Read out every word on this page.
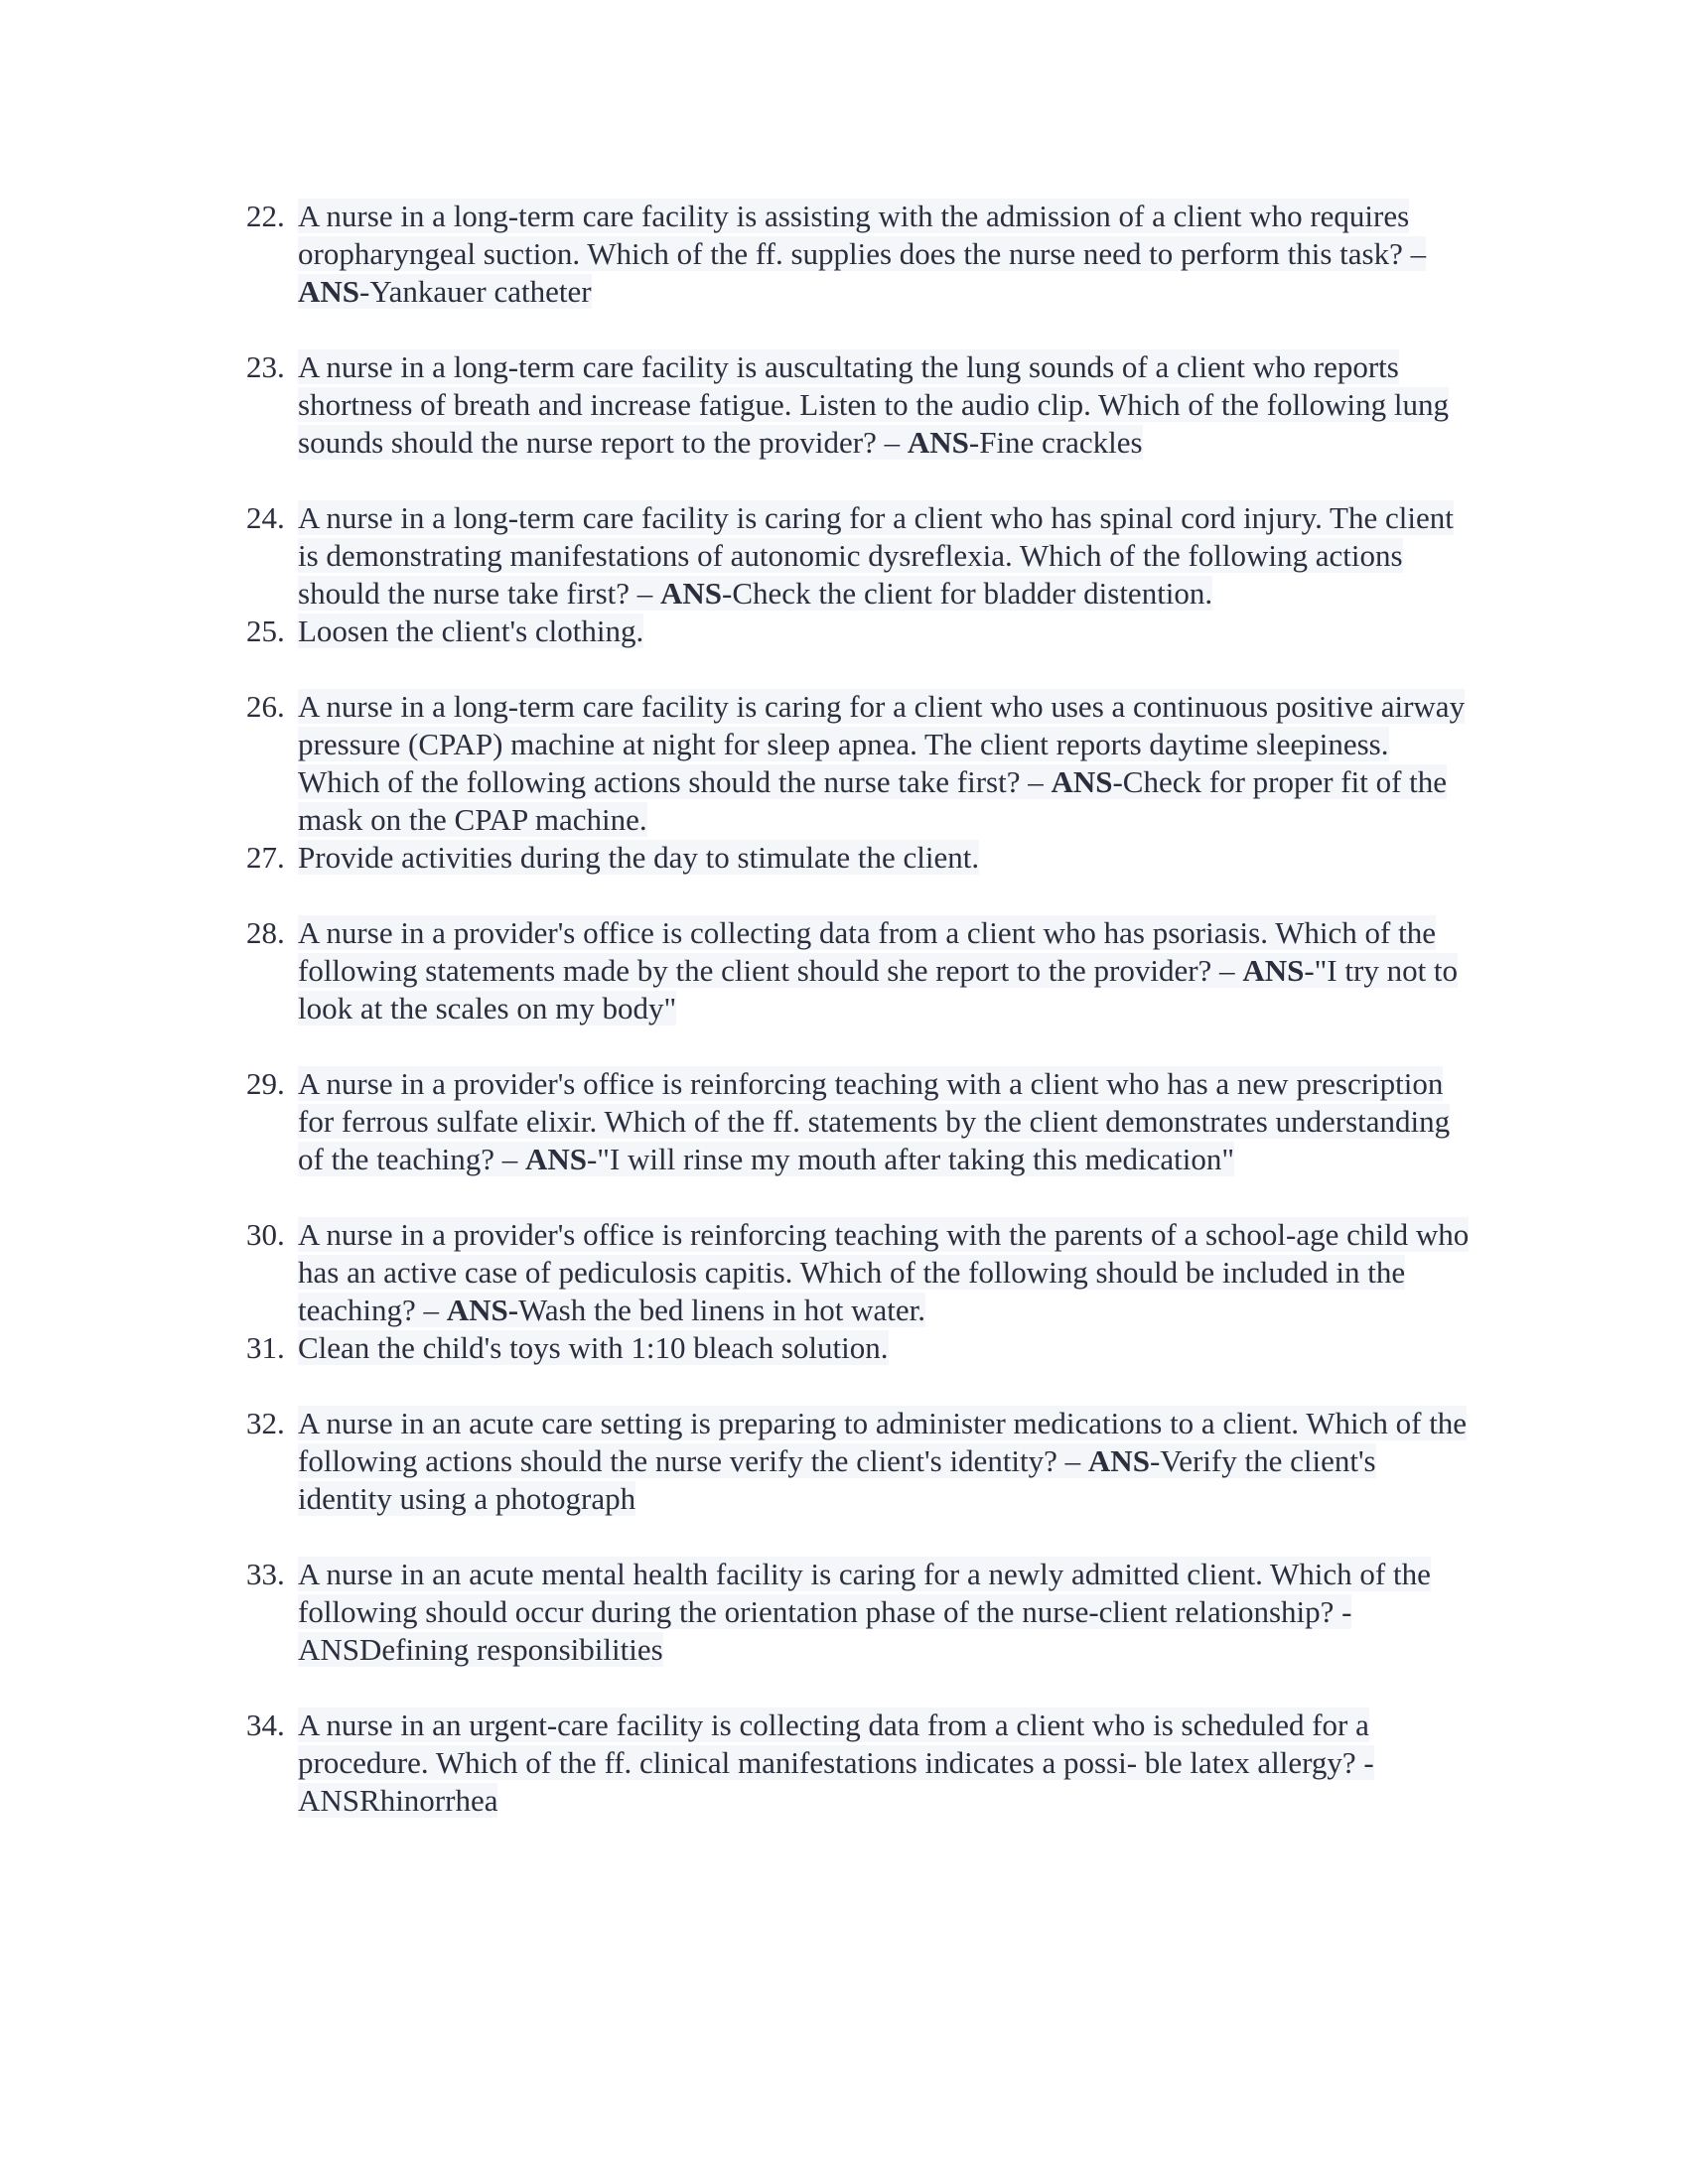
22. A nurse in a long-term care facility is assisting with the admission of a client who requires oropharyngeal suction. Which of the ff. supplies does the nurse need to perform this task? – ANS-Yankauer catheter
23. A nurse in a long-term care facility is auscultating the lung sounds of a client who reports shortness of breath and increase fatigue. Listen to the audio clip. Which of the following lung sounds should the nurse report to the provider? – ANS-Fine crackles
24. A nurse in a long-term care facility is caring for a client who has spinal cord injury. The client is demonstrating manifestations of autonomic dysreflexia. Which of the following actions should the nurse take first? – ANS-Check the client for bladder distention.
25. Loosen the client's clothing.
26. A nurse in a long-term care facility is caring for a client who uses a continuous positive airway pressure (CPAP) machine at night for sleep apnea. The client reports daytime sleepiness. Which of the following actions should the nurse take first? – ANS-Check for proper fit of the mask on the CPAP machine.
27. Provide activities during the day to stimulate the client.
28. A nurse in a provider's office is collecting data from a client who has psoriasis. Which of the following statements made by the client should she report to the provider? – ANS-"I try not to look at the scales on my body"
29. A nurse in a provider's office is reinforcing teaching with a client who has a new prescription for ferrous sulfate elixir. Which of the ff. statements by the client demonstrates understanding of the teaching? – ANS-"I will rinse my mouth after taking this medication"
30. A nurse in a provider's office is reinforcing teaching with the parents of a school-age child who has an active case of pediculosis capitis. Which of the following should be included in the teaching? – ANS-Wash the bed linens in hot water.
31. Clean the child's toys with 1:10 bleach solution.
32. A nurse in an acute care setting is preparing to administer medications to a client. Which of the following actions should the nurse verify the client's identity? – ANS-Verify the client's identity using a photograph
33. A nurse in an acute mental health facility is caring for a newly admitted client. Which of the following should occur during the orientation phase of the nurse-client relationship? - ANSDefining responsibilities
34. A nurse in an urgent-care facility is collecting data from a client who is scheduled for a procedure. Which of the ff. clinical manifestations indicates a possi- ble latex allergy? - ANSRhinorrhea
